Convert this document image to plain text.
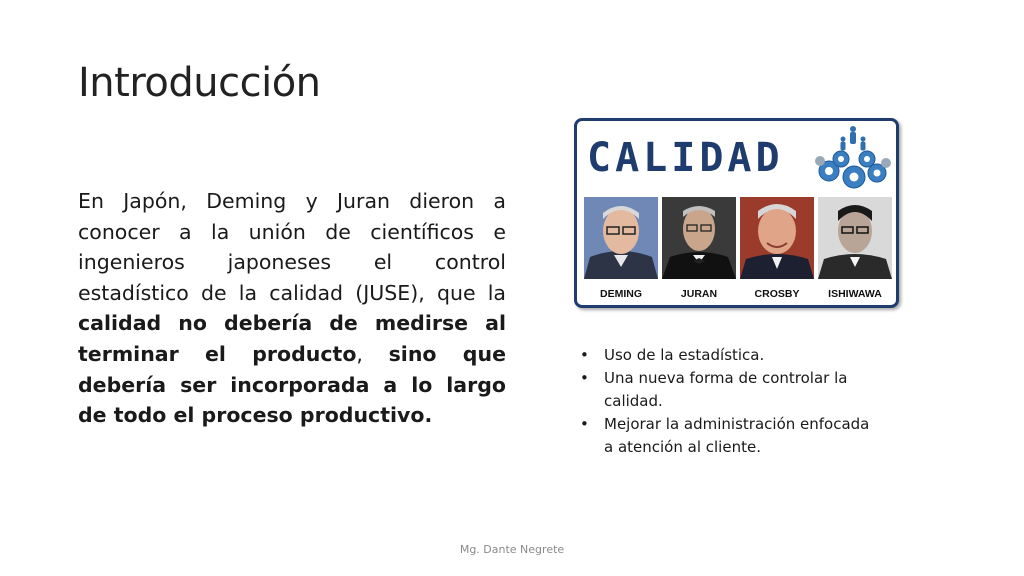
Introducción
En Japón, Deming y Juran dieron a conocer a la unión de científicos e ingenieros japoneses el control estadístico de la calidad (JUSE), que la calidad no debería de medirse al terminar el producto, sino que debería ser incorporada a lo largo de todo el proceso productivo.
CALIDAD
DEMING	JURAN	CROSBY	ISHIWAWA
• Uso de la estadística.
• Una nueva forma de controlar la calidad.
• Mejorar la administración enfocada a atención al cliente.
Mg. Dante Negrete
